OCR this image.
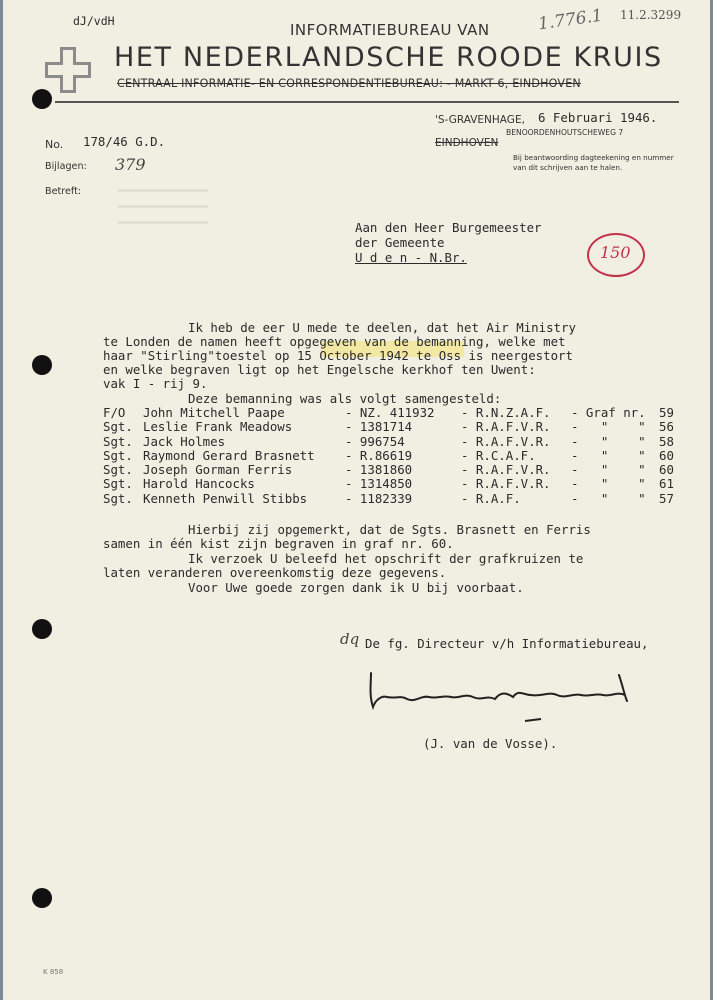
dJ/vdH	1.776.1 11.2.3299
INFORMATIEBUREAU VAN
HET NEDERLANDSCHE ROODE KRUIS
CENTRAAL INFORMATIE- EN CORRESPONDENTIEBUREAU: - MARKT 6, EINDHOVEN
'S-GRAVENHAGE, 6 Februari 1946.
BENOORDENHOUTSCHEWEG 7
EINDHOVEN
Bij beantwoording dagteekening en nummer
van dit schrijven aan te halen.
No. 178/46 G.D.
Bijlagen: 379
Betreft:
Aan den Heer Burgemeester
der Gemeente
U d e n - N.Br.	150
Ik heb de eer U mede te deelen, dat het Air Ministry
te Londen de namen heeft opgegeven van de bemanning, welke met
haar "Stirling"toestel op 15 October 1942 te Oss is neergestort
en welke begraven ligt op het Engelsche kerkhof ten Uwent:
vak I - rij 9.
Deze bemanning was als volgt samengesteld:
F/O	John Mitchell Paape	- NZ. 411932	- R.N.Z.A.F.	- Graf nr.	59
Sgt.	Leslie Frank Meadows	- 1381714	- R.A.F.V.R.	-   "    "	56
Sgt.	Jack Holmes	- 996754	- R.A.F.V.R.	-   "    "	58
Sgt.	Raymond Gerard Brasnett	- R.86619	- R.C.A.F.	-   "    "	60
Sgt.	Joseph Gorman Ferris	- 1381860	- R.A.F.V.R.	-   "    "	60
Sgt.	Harold Hancocks	- 1314850	- R.A.F.V.R.	-   "    "	61
Sgt.	Kenneth Penwill Stibbs	- 1182339	- R.A.F.	-   "    "	57
Hierbij zij opgemerkt, dat de Sgts. Brasnett en Ferris
samen in één kist zijn begraven in graf nr. 60.
Ik verzoek U beleefd het opschrift der grafkruizen te
laten veranderen overeenkomstig deze gegevens.
Voor Uwe goede zorgen dank ik U bij voorbaat.
dq De fg. Directeur v/h Informatiebureau,
(J. van de Vosse).
K 858
